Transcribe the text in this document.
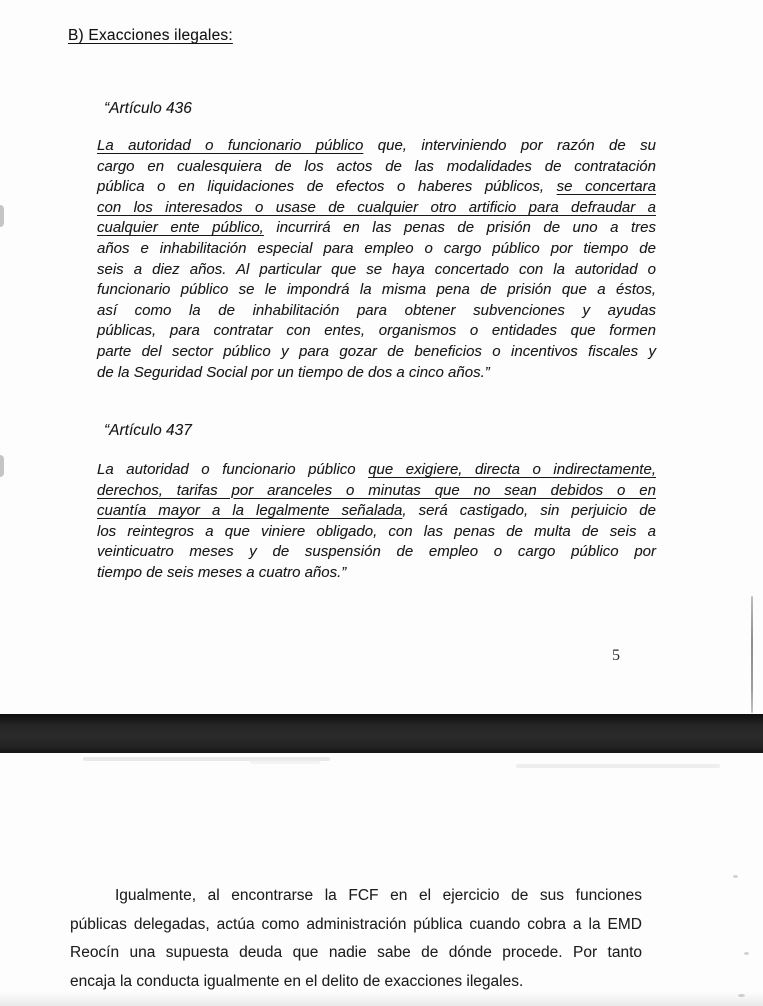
B) Exacciones ilegales:
“Artículo 436
La autoridad o funcionario público que, interviniendo por razón de su
cargo en cualesquiera de los actos de las modalidades de contratación
pública o en liquidaciones de efectos o haberes públicos, se concertara
con los interesados o usase de cualquier otro artificio para defraudar a
cualquier ente público, incurrirá en las penas de prisión de uno a tres
años e inhabilitación especial para empleo o cargo público por tiempo de
seis a diez años. Al particular que se haya concertado con la autoridad o
funcionario público se le impondrá la misma pena de prisión que a éstos,
así como la de inhabilitación para obtener subvenciones y ayudas
públicas, para contratar con entes, organismos o entidades que formen
parte del sector público y para gozar de beneficios o incentivos fiscales y
de la Seguridad Social por un tiempo de dos a cinco años.”
“Artículo 437
La autoridad o funcionario público que exigiere, directa o indirectamente,
derechos, tarifas por aranceles o minutas que no sean debidos o en
cuantía mayor a la legalmente señalada, será castigado, sin perjuicio de
los reintegros a que viniere obligado, con las penas de multa de seis a
veinticuatro meses y de suspensión de empleo o cargo público por
tiempo de seis meses a cuatro años.”
5
Igualmente, al encontrarse la FCF en el ejercicio de sus funciones
públicas delegadas, actúa como administración pública cuando cobra a la EMD
Reocín una supuesta deuda que nadie sabe de dónde procede. Por tanto
encaja la conducta igualmente en el delito de exacciones ilegales.
